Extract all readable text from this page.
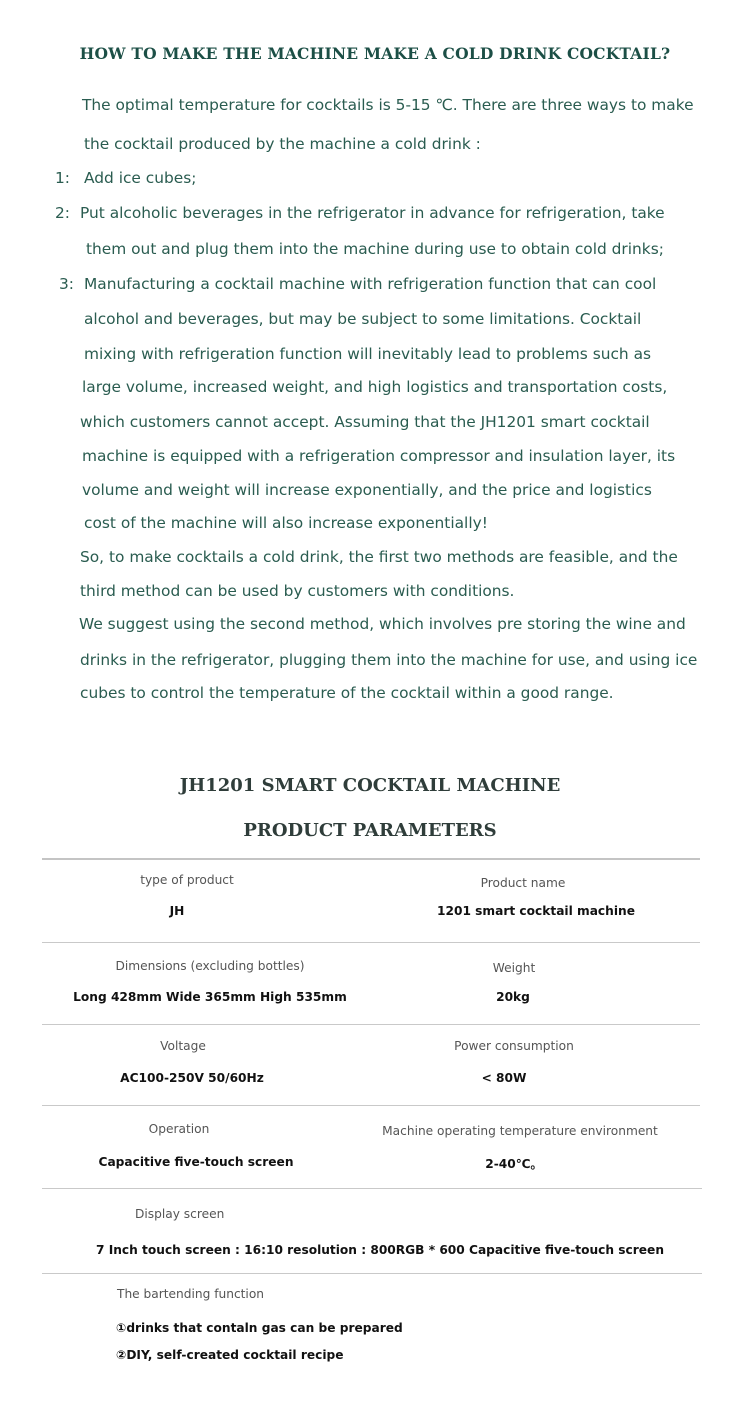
HOW TO MAKE THE MACHINE MAKE A COLD DRINK COCKTAIL?
The optimal temperature for cocktails is 5-15 ℃. There are three ways to make
the cocktail produced by the machine a cold drink :
1: Add ice cubes;
2: Put alcoholic beverages in the refrigerator in advance for refrigeration, take
them out and plug them into the machine during use to obtain cold drinks;
3: Manufacturing a cocktail machine with refrigeration function that can cool
alcohol and beverages, but may be subject to some limitations. Cocktail
mixing with refrigeration function will inevitably lead to problems such as
large volume, increased weight, and high logistics and transportation costs,
which customers cannot accept. Assuming that the JH1201 smart cocktail
machine is equipped with a refrigeration compressor and insulation layer, its
volume and weight will increase exponentially, and the price and logistics
cost of the machine will also increase exponentially!
So, to make cocktails a cold drink, the first two methods are feasible, and the
third method can be used by customers with conditions.
We suggest using the second method, which involves pre storing the wine and
drinks in the refrigerator, plugging them into the machine for use, and using ice
cubes to control the temperature of the cocktail within a good range.
JH1201 SMART COCKTAIL MACHINE
PRODUCT PARAMETERS
type of product
JH
Product name
1201 smart cocktail machine
Dimensions (excluding bottles)
Long 428mm Wide 365mm High 535mm
Weight
20kg
Voltage
AC100-250V 50/60Hz
Power consumption
< 80W
Operation
Capacitive five-touch screen
Machine operating temperature environment
2-40℃。
Display screen
7 Inch touch screen : 16:10 resolution : 800RGB * 600 Capacitive five-touch screen
The bartending function
①drinks that contaln gas can be prepared
②DIY, self-created cocktail recipe
